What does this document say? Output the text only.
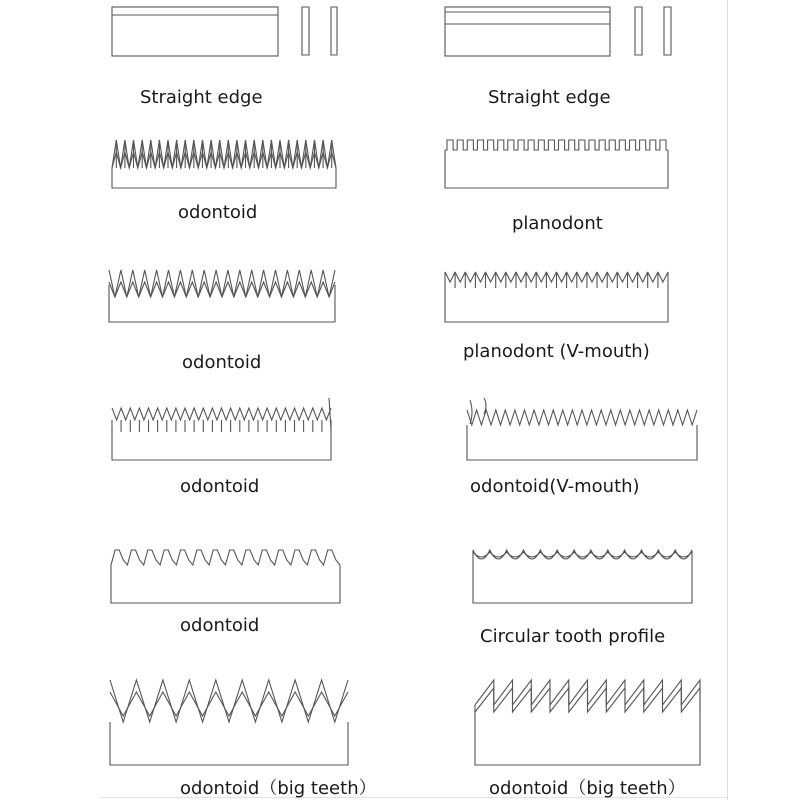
Straight edge	Straight edge
odontoid
planodont
odontoid
planodont (V-mouth)
odontoid	odontoid(V-mouth)
odontoid
Circular tooth profile
odontoid（big teeth）	odontoid（big teeth）
